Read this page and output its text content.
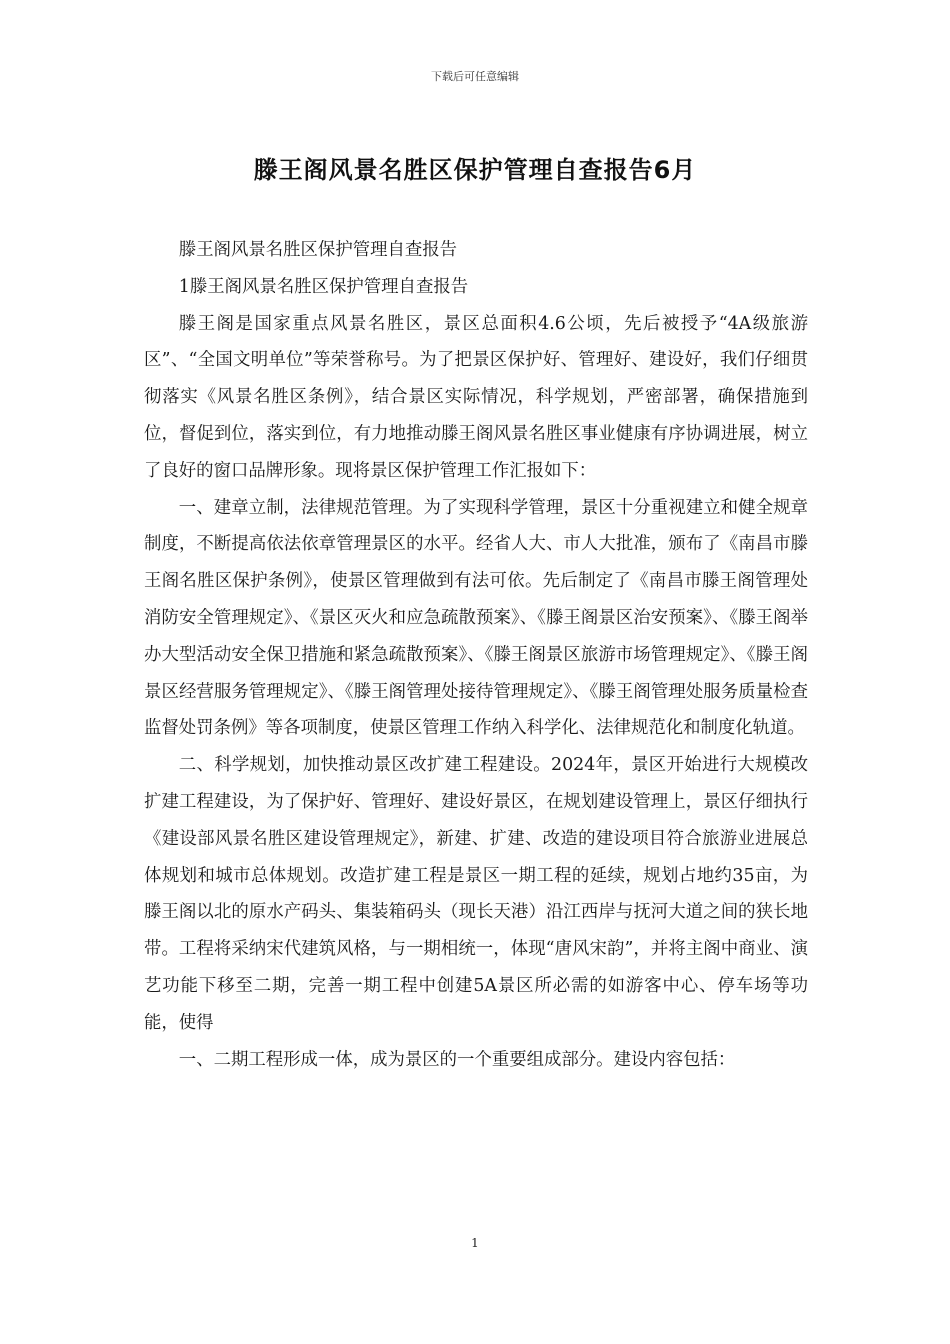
下载后可任意编辑
滕王阁风景名胜区保护管理自查报告6月

滕王阁风景名胜区保护管理自查报告

1滕王阁风景名胜区保护管理自查报告

滕王阁是国家重点风景名胜区，景区总面积4.6公顷，先后被授予“4A级旅游区”、“全国文明单位”等荣誉称号。为了把景区保护好、管理好、建设好，我们仔细贯彻落实《风景名胜区条例》，结合景区实际情况，科学规划，严密部署，确保措施到位，督促到位，落实到位，有力地推动滕王阁风景名胜区事业健康有序协调进展，树立了良好的窗口品牌形象。现将景区保护管理工作汇报如下：

一、建章立制，法律规范管理。为了实现科学管理，景区十分重视建立和健全规章制度，不断提高依法依章管理景区的水平。经省人大、市人大批准，颁布了《南昌市滕王阁名胜区保护条例》，使景区管理做到有法可依。先后制定了《南昌市滕王阁管理处消防安全管理规定》、《景区灭火和应急疏散预案》、《滕王阁景区治安预案》、《滕王阁举办大型活动安全保卫措施和紧急疏散预案》、《滕王阁景区旅游市场管理规定》、《滕王阁景区经营服务管理规定》、《滕王阁管理处接待管理规定》、《滕王阁管理处服务质量检查监督处罚条例》等各项制度，使景区管理工作纳入科学化、法律规范化和制度化轨道。

二、科学规划，加快推动景区改扩建工程建设。2024年，景区开始进行大规模改扩建工程建设，为了保护好、管理好、建设好景区，在规划建设管理上，景区仔细执行《建设部风景名胜区建设管理规定》，新建、扩建、改造的建设项目符合旅游业进展总体规划和城市总体规划。改造扩建工程是景区一期工程的延续，规划占地约35亩，为滕王阁以北的原水产码头、集装箱码头（现长天港）沿江西岸与抚河大道之间的狭长地带。工程将采纳宋代建筑风格，与一期相统一，体现“唐风宋韵”，并将主阁中商业、演艺功能下移至二期，完善一期工程中创建5A景区所必需的如游客中心、停车场等功能，使得

一、二期工程形成一体，成为景区的一个重要组成部分。建设内容包括：

1
